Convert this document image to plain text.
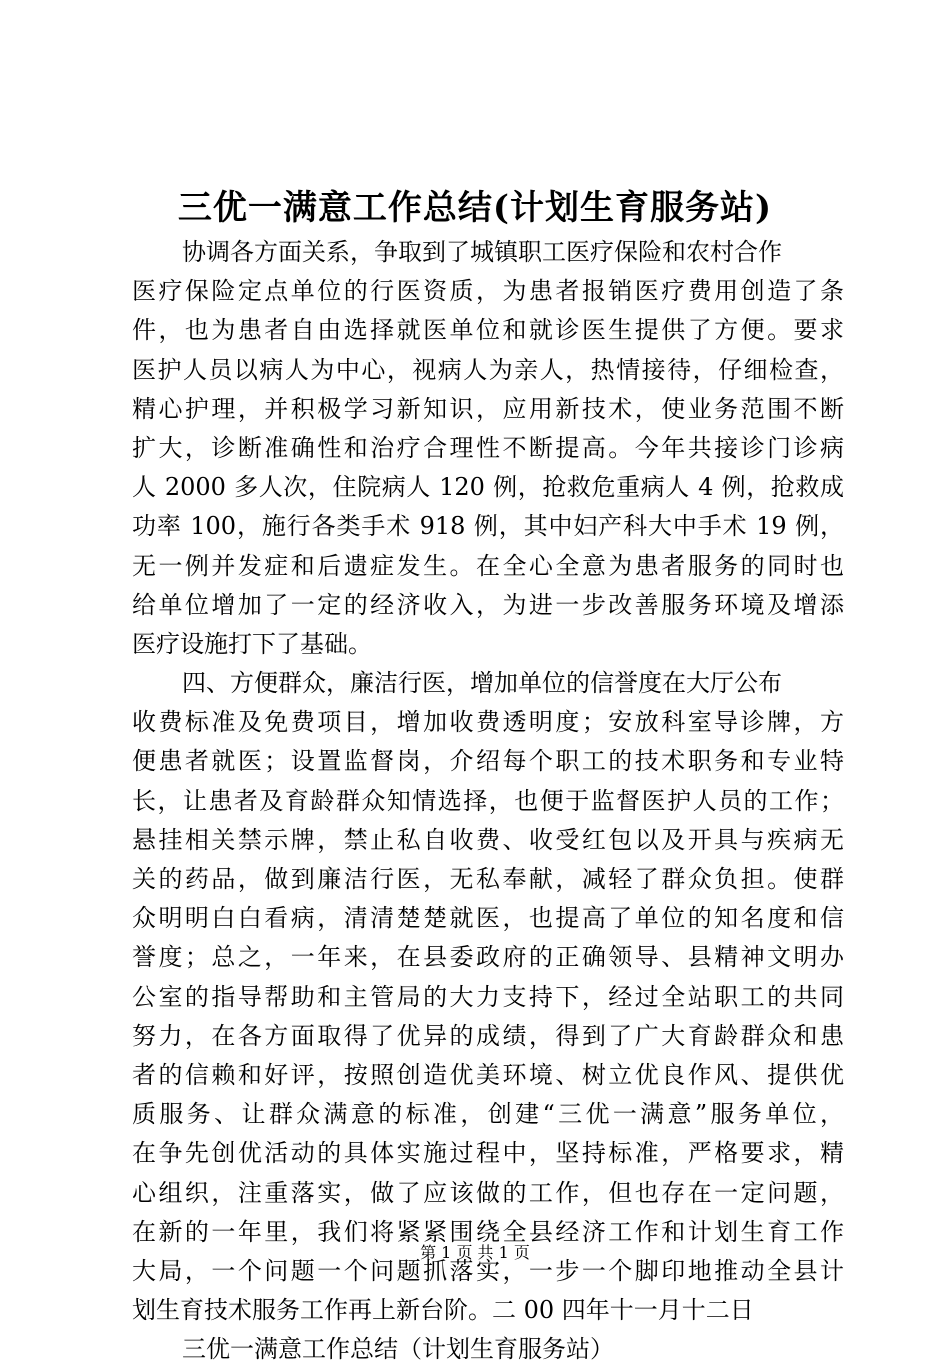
三优一满意工作总结(计划生育服务站)
协调各方面关系，争取到了城镇职工医疗保险和农村合作
医疗保险定点单位的行医资质，为患者报销医疗费用创造了条
件，也为患者自由选择就医单位和就诊医生提供了方便。要求
医护人员以病人为中心，视病人为亲人，热情接待，仔细检查，
精心护理，并积极学习新知识，应用新技术，使业务范围不断
扩大，诊断准确性和治疗合理性不断提高。今年共接诊门诊病
人 2000 多人次，住院病人 120 例，抢救危重病人 4 例，抢救成
功率 100，施行各类手术 918 例，其中妇产科大中手术 19 例，
无一例并发症和后遗症发生。在全心全意为患者服务的同时也
给单位增加了一定的经济收入，为进一步改善服务环境及增添
医疗设施打下了基础。
四、方便群众，廉洁行医，增加单位的信誉度在大厅公布
收费标准及免费项目，增加收费透明度；安放科室导诊牌，方
便患者就医；设置监督岗，介绍每个职工的技术职务和专业特
长，让患者及育龄群众知情选择，也便于监督医护人员的工作；
悬挂相关禁示牌，禁止私自收费、收受红包以及开具与疾病无
关的药品，做到廉洁行医，无私奉献，减轻了群众负担。使群
众明明白白看病，清清楚楚就医，也提高了单位的知名度和信
誉度；总之，一年来，在县委政府的正确领导、县精神文明办
公室的指导帮助和主管局的大力支持下，经过全站职工的共同
努力，在各方面取得了优异的成绩，得到了广大育龄群众和患
者的信赖和好评，按照创造优美环境、树立优良作风、提供优
质服务、让群众满意的标准，创建“三优一满意”服务单位，
在争先创优活动的具体实施过程中，坚持标准，严格要求，精
心组织，注重落实，做了应该做的工作，但也存在一定问题，
在新的一年里，我们将紧紧围绕全县经济工作和计划生育工作
大局，一个问题一个问题抓落实，一步一个脚印地推动全县计
划生育技术服务工作再上新台阶。二 00 四年十一月十二日
三优一满意工作总结（计划生育服务站）
第 1 页 共 1 页
